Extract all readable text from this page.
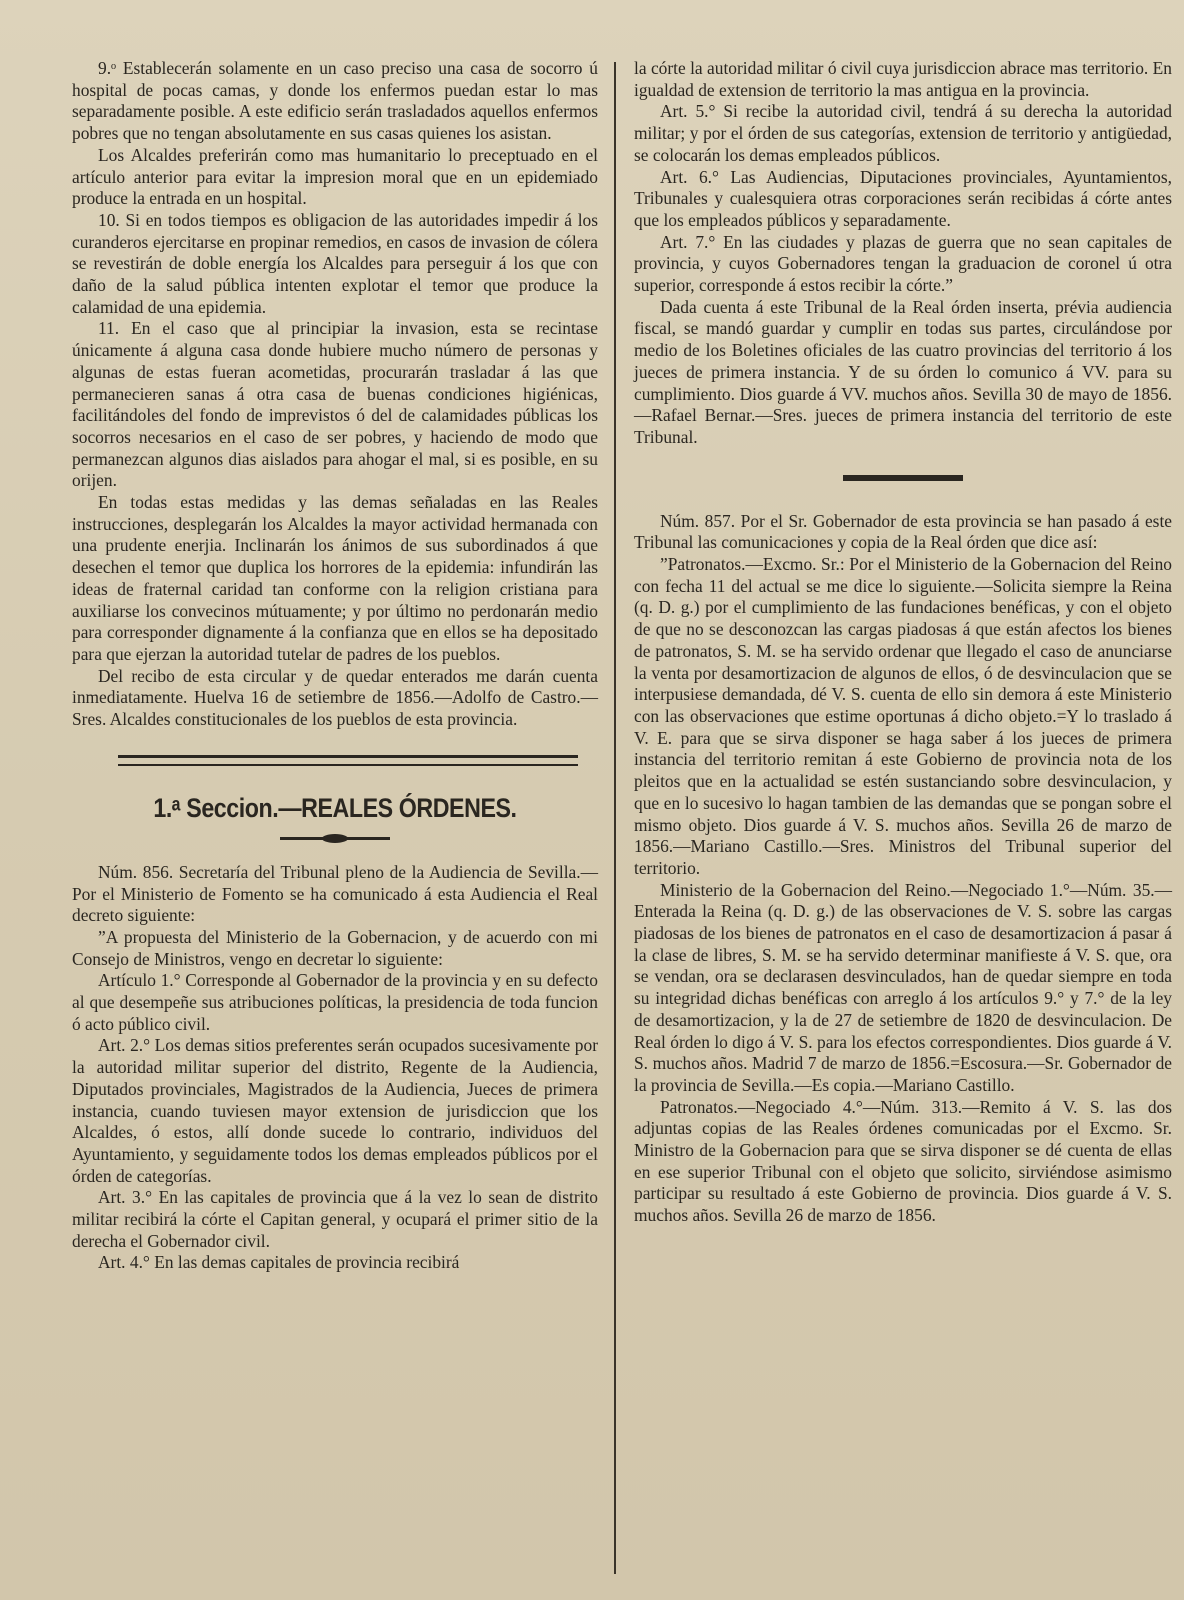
9.ᵒ Establecerán solamente en un caso preciso una casa de socorro ú hospital de pocas camas, y donde los enfermos puedan estar lo mas separadamente posible. A este edificio serán trasladados aquellos enfermos pobres que no tengan absolutamente en sus casas quienes los asistan.

Los Alcaldes preferirán como mas humanitario lo preceptuado en el artículo anterior para evitar la impresion moral que en un epidemiado produce la entrada en un hospital.

10. Si en todos tiempos es obligacion de las autoridades impedir á los curanderos ejercitarse en propinar remedios, en casos de invasion de cólera se revestirán de doble energía los Alcaldes para perseguir á los que con daño de la salud pública intenten explotar el temor que produce la calamidad de una epidemia.

11. En el caso que al principiar la invasion, esta se recintase únicamente á alguna casa donde hubiere mucho número de personas y algunas de estas fueran acometidas, procurarán trasladar á las que permanecieren sanas á otra casa de buenas condiciones higiénicas, facilitándoles del fondo de imprevistos ó del de calamidades públicas los socorros necesarios en el caso de ser pobres, y haciendo de modo que permanezcan algunos dias aislados para ahogar el mal, si es posible, en su orijen.

En todas estas medidas y las demas señaladas en las Reales instrucciones, desplegarán los Alcaldes la mayor actividad hermanada con una prudente enerjia. Inclinarán los ánimos de sus subordinados á que desechen el temor que duplica los horrores de la epidemia: infundirán las ideas de fraternal caridad tan conforme con la religion cristiana para auxiliarse los convecinos mútuamente; y por último no perdonarán medio para corresponder dignamente á la confianza que en ellos se ha depositado para que ejerzan la autoridad tutelar de padres de los pueblos.

Del recibo de esta circular y de quedar enterados me darán cuenta inmediatamente. Huelva 16 de setiembre de 1856.—Adolfo de Castro.—Sres. Alcaldes constitucionales de los pueblos de esta provincia.

1.ᵃ Seccion.—REALES ÓRDENES.

Núm. 856. Secretaría del Tribunal pleno de la Audiencia de Sevilla.—Por el Ministerio de Fomento se ha comunicado á esta Audiencia el Real decreto siguiente:

”A propuesta del Ministerio de la Gobernacion, y de acuerdo con mi Consejo de Ministros, vengo en decretar lo siguiente:

Artículo 1.° Corresponde al Gobernador de la provincia y en su defecto al que desempeñe sus atribuciones políticas, la presidencia de toda funcion ó acto público civil.

Art. 2.° Los demas sitios preferentes serán ocupados sucesivamente por la autoridad militar superior del distrito, Regente de la Audiencia, Diputados provinciales, Magistrados de la Audiencia, Jueces de primera instancia, cuando tuviesen mayor extension de jurisdiccion que los Alcaldes, ó estos, allí donde sucede lo contrario, individuos del Ayuntamiento, y seguidamente todos los demas empleados públicos por el órden de categorías.

Art. 3.° En las capitales de provincia que á la vez lo sean de distrito militar recibirá la córte el Capitan general, y ocupará el primer sitio de la derecha el Gobernador civil.

Art. 4.° En las demas capitales de provincia recibirá

la córte la autoridad militar ó civil cuya jurisdiccion abrace mas territorio. En igualdad de extension de territorio la mas antigua en la provincia.

Art. 5.° Si recibe la autoridad civil, tendrá á su derecha la autoridad militar; y por el órden de sus categorías, extension de territorio y antigüedad, se colocarán los demas empleados públicos.

Art. 6.° Las Audiencias, Diputaciones provinciales, Ayuntamientos, Tribunales y cualesquiera otras corporaciones serán recibidas á córte antes que los empleados públicos y separadamente.

Art. 7.° En las ciudades y plazas de guerra que no sean capitales de provincia, y cuyos Gobernadores tengan la graduacion de coronel ú otra superior, corresponde á estos recibir la córte.”

Dada cuenta á este Tribunal de la Real órden inserta, prévia audiencia fiscal, se mandó guardar y cumplir en todas sus partes, circulándose por medio de los Boletines oficiales de las cuatro provincias del territorio á los jueces de primera instancia. Y de su órden lo comunico á VV. para su cumplimiento. Dios guarde á VV. muchos años. Sevilla 30 de mayo de 1856.—Rafael Bernar.—Sres. jueces de primera instancia del territorio de este Tribunal.

Núm. 857. Por el Sr. Gobernador de esta provincia se han pasado á este Tribunal las comunicaciones y copia de la Real órden que dice así:

”Patronatos.—Excmo. Sr.: Por el Ministerio de la Gobernacion del Reino con fecha 11 del actual se me dice lo siguiente.—Solicita siempre la Reina (q. D. g.) por el cumplimiento de las fundaciones benéficas, y con el objeto de que no se desconozcan las cargas piadosas á que están afectos los bienes de patronatos, S. M. se ha servido ordenar que llegado el caso de anunciarse la venta por desamortizacion de algunos de ellos, ó de desvinculacion que se interpusiese demandada, dé V. S. cuenta de ello sin demora á este Ministerio con las observaciones que estime oportunas á dicho objeto.=Y lo traslado á V. E. para que se sirva disponer se haga saber á los jueces de primera instancia del territorio remitan á este Gobierno de provincia nota de los pleitos que en la actualidad se estén sustanciando sobre desvinculacion, y que en lo sucesivo lo hagan tambien de las demandas que se pongan sobre el mismo objeto. Dios guarde á V. S. muchos años. Sevilla 26 de marzo de 1856.—Mariano Castillo.—Sres. Ministros del Tribunal superior del territorio.

Ministerio de la Gobernacion del Reino.—Negociado 1.°—Núm. 35.—Enterada la Reina (q. D. g.) de las observaciones de V. S. sobre las cargas piadosas de los bienes de patronatos en el caso de desamortizacion á pasar á la clase de libres, S. M. se ha servido determinar manifieste á V. S. que, ora se vendan, ora se declarasen desvinculados, han de quedar siempre en toda su integridad dichas benéficas con arreglo á los artículos 9.° y 7.° de la ley de desamortizacion, y la de 27 de setiembre de 1820 de desvinculacion. De Real órden lo digo á V. S. para los efectos correspondientes. Dios guarde á V. S. muchos años. Madrid 7 de marzo de 1856.=Escosura.—Sr. Gobernador de la provincia de Sevilla.—Es copia.—Mariano Castillo.

Patronatos.—Negociado 4.°—Núm. 313.—Remito á V. S. las dos adjuntas copias de las Reales órdenes comunicadas por el Excmo. Sr. Ministro de la Gobernacion para que se sirva disponer se dé cuenta de ellas en ese superior Tribunal con el objeto que solicito, sirviéndose asimismo participar su resultado á este Gobierno de provincia. Dios guarde á V. S. muchos años. Sevilla 26 de marzo de 1856.
